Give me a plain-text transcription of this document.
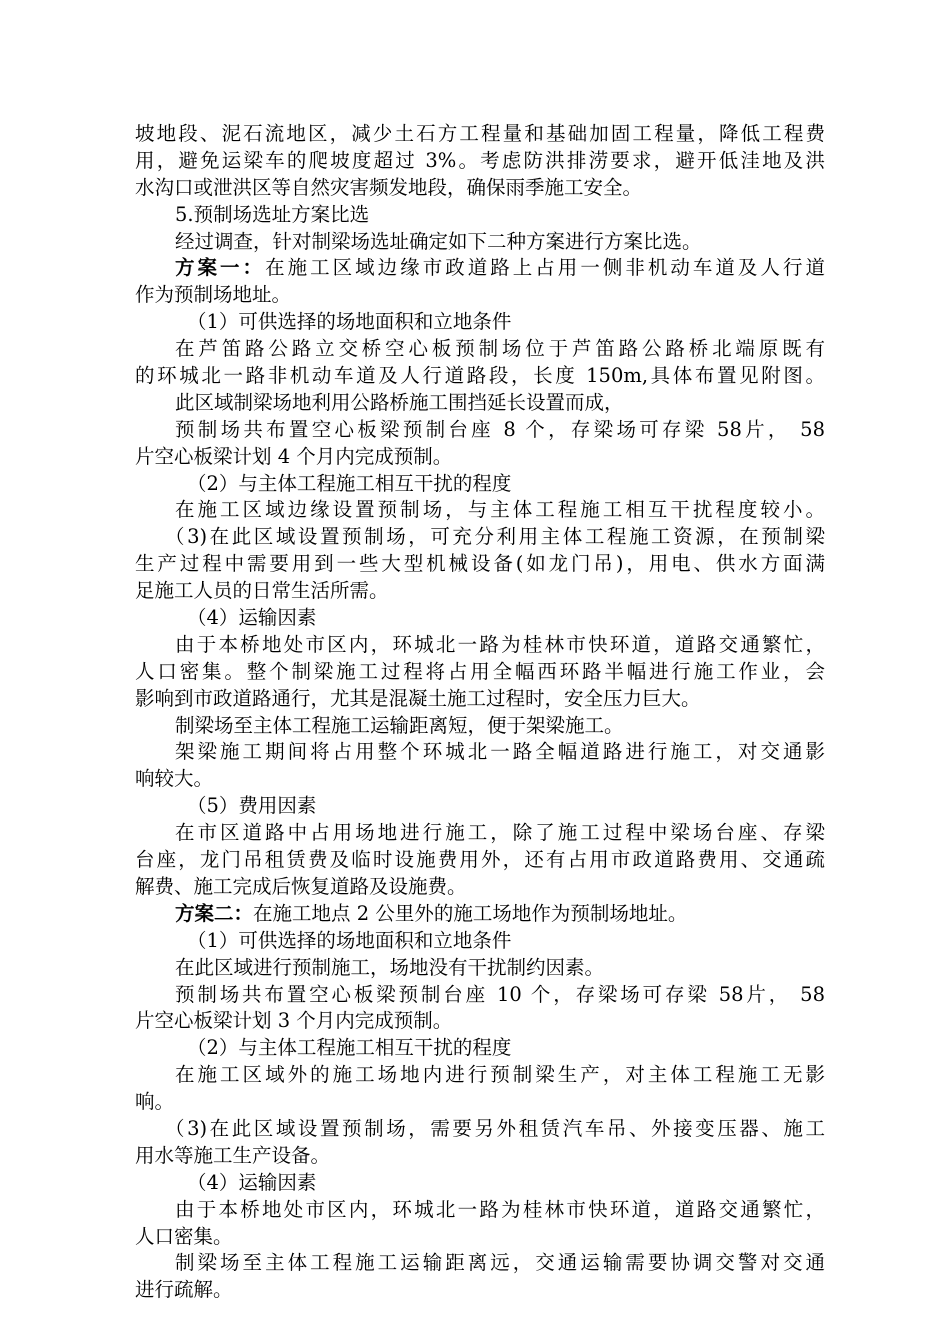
坡地段、泥石流地区，减少土石方工程量和基础加固工程量，降低工程费
用，避免运梁车的爬坡度超过 3%。考虑防洪排涝要求，避开低洼地及洪
水沟口或泄洪区等自然灾害频发地段，确保雨季施工安全。
5.预制场选址方案比选
经过调查，针对制梁场选址确定如下二种方案进行方案比选。
方案一：在施工区域边缘市政道路上占用一侧非机动车道及人行道
作为预制场地址。
（1）可供选择的场地面积和立地条件
在芦笛路公路立交桥空心板预制场位于芦笛路公路桥北端原既有
的环城北一路非机动车道及人行道路段，长度 150m,具体布置见附图。
此区域制梁场地利用公路桥施工围挡延长设置而成，
预制场共布置空心板梁预制台座 8 个，存梁场可存梁 58片， 58
片空心板梁计划 4 个月内完成预制。
（2）与主体工程施工相互干扰的程度
在施工区域边缘设置预制场，与主体工程施工相互干扰程度较小。
（3)在此区域设置预制场，可充分利用主体工程施工资源，在预制梁
生产过程中需要用到一些大型机械设备(如龙门吊)，用电、供水方面满
足施工人员的日常生活所需。
（4）运输因素
由于本桥地处市区内，环城北一路为桂林市快环道，道路交通繁忙，
人口密集。整个制梁施工过程将占用全幅西环路半幅进行施工作业，会
影响到市政道路通行，尤其是混凝土施工过程时，安全压力巨大。
制梁场至主体工程施工运输距离短，便于架梁施工。
架梁施工期间将占用整个环城北一路全幅道路进行施工，对交通影
响较大。
（5）费用因素
在市区道路中占用场地进行施工，除了施工过程中梁场台座、存梁
台座，龙门吊租赁费及临时设施费用外，还有占用市政道路费用、交通疏
解费、施工完成后恢复道路及设施费。
方案二：在施工地点 2 公里外的施工场地作为预制场地址。
（1）可供选择的场地面积和立地条件
在此区域进行预制施工，场地没有干扰制约因素。
预制场共布置空心板梁预制台座 10 个，存梁场可存梁 58片， 58
片空心板梁计划 3 个月内完成预制。
（2）与主体工程施工相互干扰的程度
在施工区域外的施工场地内进行预制梁生产，对主体工程施工无影
响。
（3)在此区域设置预制场，需要另外租赁汽车吊、外接变压器、施工
用水等施工生产设备。
（4）运输因素
由于本桥地处市区内，环城北一路为桂林市快环道，道路交通繁忙，
人口密集。
制梁场至主体工程施工运输距离远，交通运输需要协调交警对交通
进行疏解。
